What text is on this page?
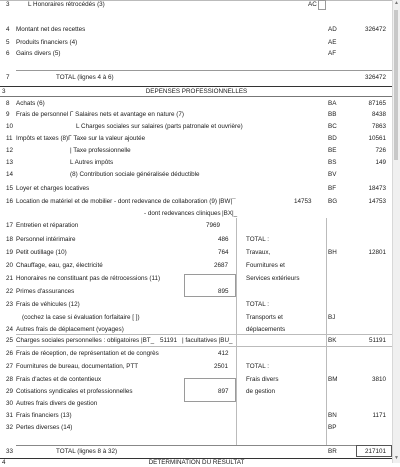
3	L Honoraires rétrocédés (3)	AC
4 Montant net des recettes	AD	326472
5 Produits financiers (4)	AE
6 Gains divers (5)	AF
7	TOTAL (lignes 4 à 6)	326472
3	DEPENSES PROFESSIONNELLES
8 Achats (6)	BA	87165
9 Frais de personnel Γ Salaires nets et avantage en nature (7)	BB	8438
10	L Charges sociales sur salaires (parts patronale et ouvrière)	BC	7863
11 Impôts et taxes (8)Γ Taxe sur la valeur ajoutée	BD	10561
12	| Taxe professionnelle	BE	726
13	L Autres impôts	BS	149
14	(8) Contribution sociale généralisée déductible	BV
15 Loyer et charges locatives	BF	18473
16 Location de matériel et de mobilier - dont redevance de collaboration (9) |BW|¯	14753	BG	14753
- dont redevances cliniques |BX|_
17 Entretien et réparation	7969
18 Personnel intérimaire	486	TOTAL :
19 Petit outillage (10)	764	Travaux,	BH	12801
20 Chauffage, eau, gaz, électricité	2687	Fournitures et
21 Honoraires ne constituant pas de rétrocessions (11)	Services extérieurs
22 Primes d'assurances	895
23 Frais de véhicules (12)	TOTAL :
(cochez la case si évaluation forfaitaire [ ])	Transports et	BJ
24 Autres frais de déplacement (voyages)	déplacements
25 Charges sociales personnelles : obligatoires |BT_ 51191 | facultatives |BU_	BK	51191
26 Frais de réception, de représentation et de congrès	412
27 Fournitures de bureau, documentation, PTT	2501	TOTAL :
28 Frais d'actes et de contentieux	Frais divers	BM	3810
29 Cotisations syndicales et professionnelles	897	de gestion
30 Autres frais divers de gestion
31 Frais financiers (13)	BN	1171
32 Pertes diverses (14)	BP
33	TOTAL (lignes 8 à 32)	BR	217101
4	DETERMINATION DU RESULTAT
▲
▼
